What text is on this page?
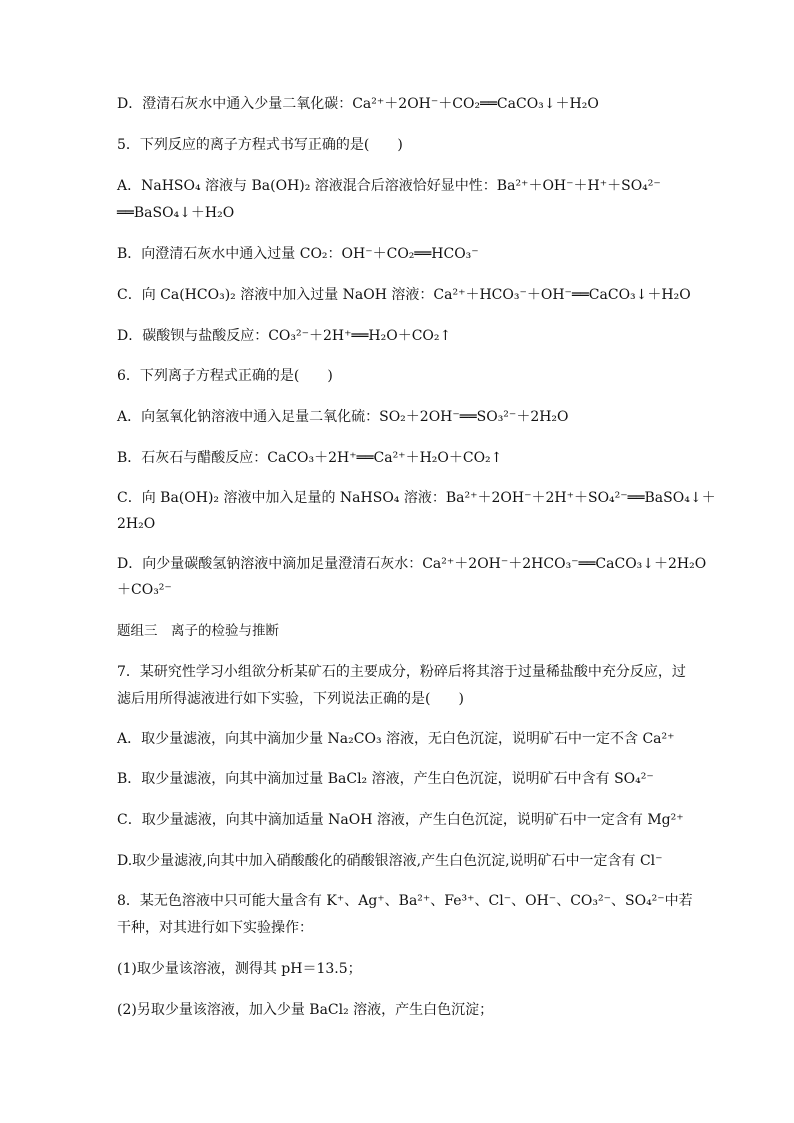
D．澄清石灰水中通入少量二氧化碳：Ca²⁺＋2OH⁻＋CO₂══CaCO₃↓＋H₂O
5．下列反应的离子方程式书写正确的是(　　)
A．NaHSO₄ 溶液与 Ba(OH)₂ 溶液混合后溶液恰好显中性：Ba²⁺＋OH⁻＋H⁺＋SO₄²⁻
══BaSO₄↓＋H₂O
B．向澄清石灰水中通入过量 CO₂：OH⁻＋CO₂══HCO₃⁻
C．向 Ca(HCO₃)₂ 溶液中加入过量 NaOH 溶液：Ca²⁺＋HCO₃⁻＋OH⁻══CaCO₃↓＋H₂O
D．碳酸钡与盐酸反应：CO₃²⁻＋2H⁺══H₂O＋CO₂↑
6．下列离子方程式正确的是(　　)
A．向氢氧化钠溶液中通入足量二氧化硫：SO₂＋2OH⁻══SO₃²⁻＋2H₂O
B．石灰石与醋酸反应：CaCO₃＋2H⁺══Ca²⁺＋H₂O＋CO₂↑
C．向 Ba(OH)₂ 溶液中加入足量的 NaHSO₄ 溶液：Ba²⁺＋2OH⁻＋2H⁺＋SO₄²⁻══BaSO₄↓＋
2H₂O
D．向少量碳酸氢钠溶液中滴加足量澄清石灰水：Ca²⁺＋2OH⁻＋2HCO₃⁻══CaCO₃↓＋2H₂O
＋CO₃²⁻
题组三　离子的检验与推断
7．某研究性学习小组欲分析某矿石的主要成分，粉碎后将其溶于过量稀盐酸中充分反应，过
滤后用所得滤液进行如下实验，下列说法正确的是(　　)
A．取少量滤液，向其中滴加少量 Na₂CO₃ 溶液，无白色沉淀，说明矿石中一定不含 Ca²⁺
B．取少量滤液，向其中滴加过量 BaCl₂ 溶液，产生白色沉淀，说明矿石中含有 SO₄²⁻
C．取少量滤液，向其中滴加适量 NaOH 溶液，产生白色沉淀，说明矿石中一定含有 Mg²⁺
D.取少量滤液,向其中加入硝酸酸化的硝酸银溶液,产生白色沉淀,说明矿石中一定含有 Cl⁻
8．某无色溶液中只可能大量含有 K⁺、Ag⁺、Ba²⁺、Fe³⁺、Cl⁻、OH⁻、CO₃²⁻、SO₄²⁻中若
干种，对其进行如下实验操作：
(1)取少量该溶液，测得其 pH＝13.5；
(2)另取少量该溶液，加入少量 BaCl₂ 溶液，产生白色沉淀；
